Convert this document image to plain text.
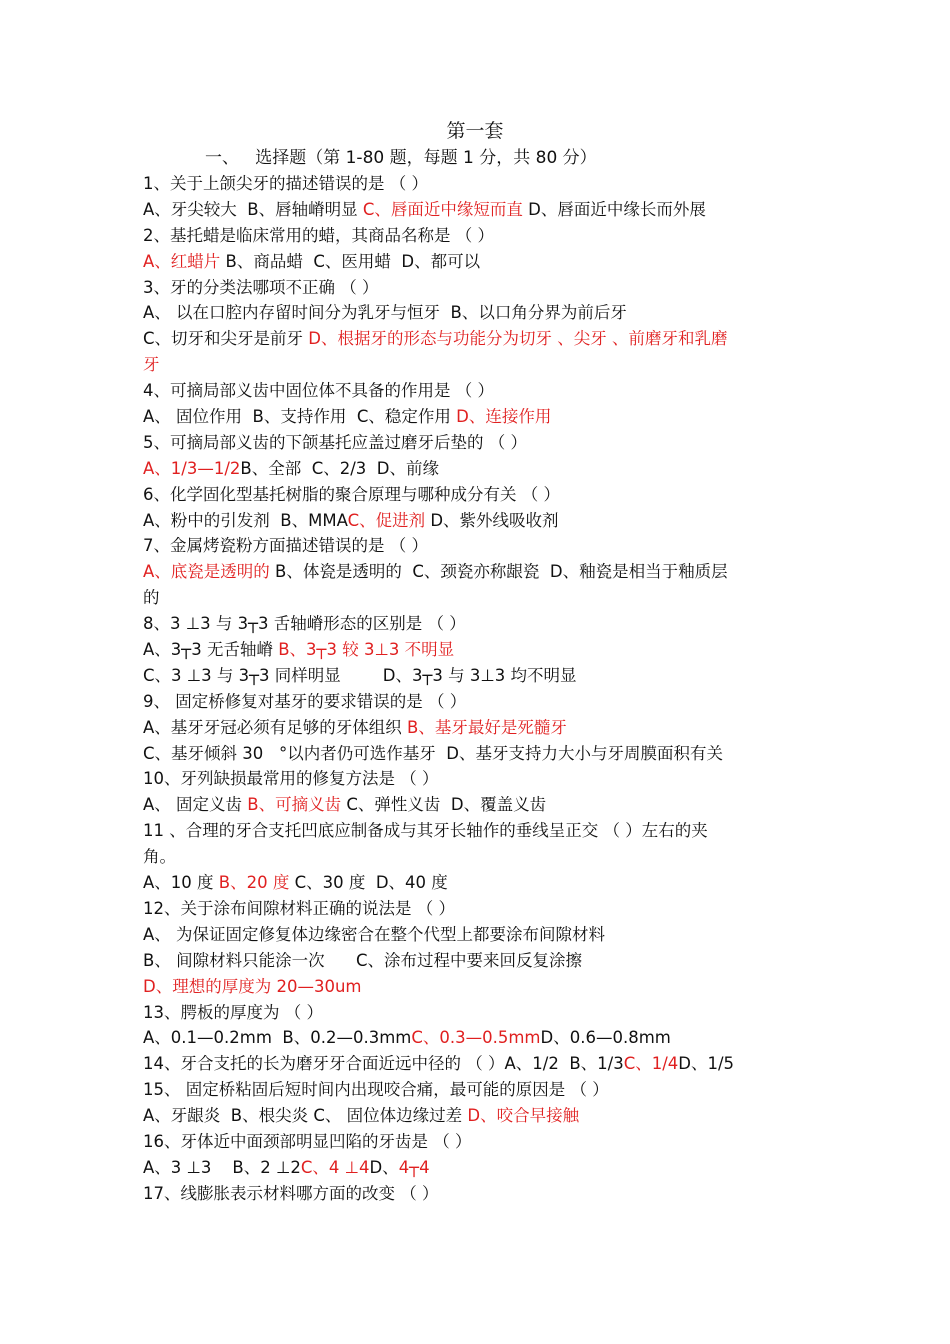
第一套
一、   选择题（第 1-80 题，每题 1 分，共 80 分）
1、关于上颌尖牙的描述错误的是 （ ）
A、牙尖较大  B、唇轴嵴明显 C、唇面近中缘短而直 D、唇面近中缘长而外展
2、基托蜡是临床常用的蜡，其商品名称是 （ ）
A、红蜡片 B、商品蜡  C、医用蜡  D、都可以
3、牙的分类法哪项不正确 （ ）
A、 以在口腔内存留时间分为乳牙与恒牙  B、以口角分界为前后牙
C、切牙和尖牙是前牙 D、根据牙的形态与功能分为切牙 、尖牙 、前磨牙和乳磨
牙
4、可摘局部义齿中固位体不具备的作用是 （ ）
A、 固位作用  B、支持作用  C、稳定作用 D、连接作用
5、可摘局部义齿的下颌基托应盖过磨牙后垫的 （ ）
A、1/3—1/2B、全部  C、2/3  D、前缘
6、化学固化型基托树脂的聚合原理与哪种成分有关 （ ）
A、粉中的引发剂  B、MMAC、促进剂 D、紫外线吸收剂
7、金属烤瓷粉方面描述错误的是 （ ）
A、底瓷是透明的 B、体瓷是透明的  C、颈瓷亦称龈瓷  D、釉瓷是相当于釉质层
的
8、3 ⊥3 与 3┬3 舌轴嵴形态的区别是 （ ）
A、3┬3 无舌轴嵴 B、3┬3 较 3⊥3 不明显
C、3 ⊥3 与 3┬3 同样明显        D、3┬3 与 3⊥3 均不明显
9、 固定桥修复对基牙的要求错误的是 （ ）
A、基牙牙冠必须有足够的牙体组织 B、基牙最好是死髓牙
C、基牙倾斜 30   °以内者仍可选作基牙  D、基牙支持力大小与牙周膜面积有关
10、牙列缺损最常用的修复方法是 （ ）
A、 固定义齿 B、可摘义齿 C、弹性义齿  D、覆盖义齿
11 、合理的牙合支托凹底应制备成与其牙长轴作的垂线呈正交 （ ）左右的夹
角。
A、10 度 B、20 度 C、30 度  D、40 度
12、关于涂布间隙材料正确的说法是 （ ）
A、 为保证固定修复体边缘密合在整个代型上都要涂布间隙材料
B、 间隙材料只能涂一次      C、涂布过程中要来回反复涂擦
D、理想的厚度为 20—30um
13、腭板的厚度为 （ ）
A、0.1—0.2mm  B、0.2—0.3mmC、0.3—0.5mmD、0.6—0.8mm
14、牙合支托的长为磨牙牙合面近远中径的 （ ）A、1/2  B、1/3C、1/4D、1/5
15、 固定桥粘固后短时间内出现咬合痛，最可能的原因是 （ ）
A、牙龈炎  B、根尖炎 C、 固位体边缘过差 D、咬合早接触
16、牙体近中面颈部明显凹陷的牙齿是 （ ）
A、3 ⊥3    B、2 ⊥2C、4 ⊥4D、4┬4
17、线膨胀表示材料哪方面的改变 （ ）
